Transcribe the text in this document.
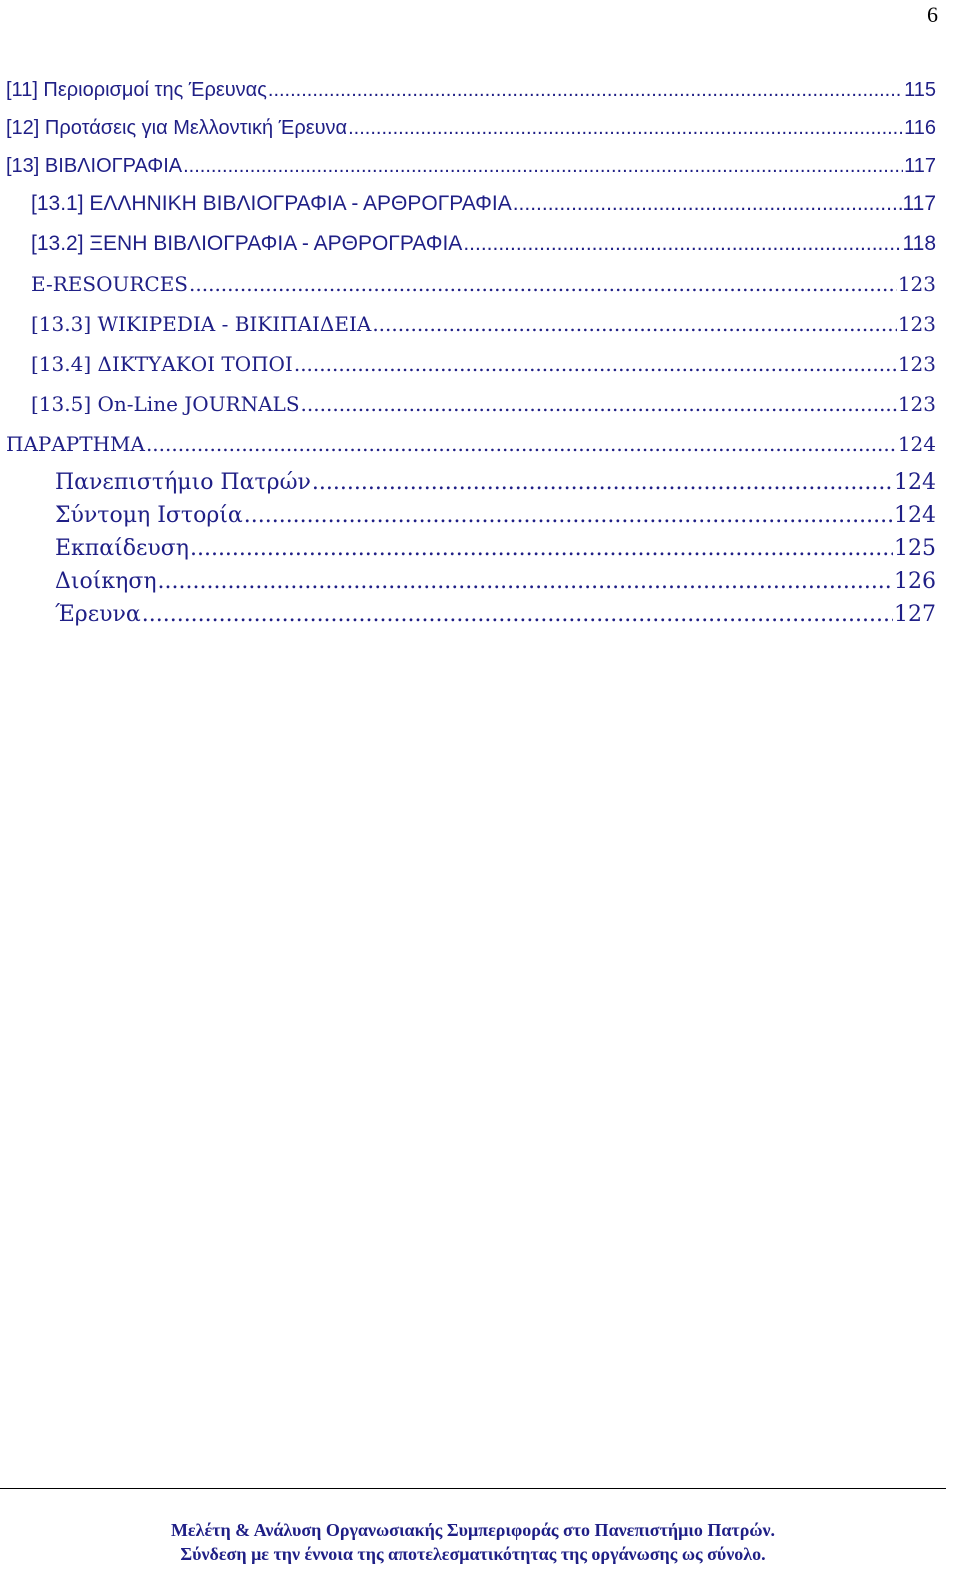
6
[11] Περιορισμοί της Έρευνας .....	115
[12] Προτάσεις για Μελλοντική Έρευνα .....	116
[13] ΒΙΒΛΙΟΓΡΑΦΙΑ .....	117
[13.1] ΕΛΛΗΝΙΚΗ ΒΙΒΛΙΟΓΡΑΦΙΑ - ΑΡΘΡΟΓΡΑΦΙΑ .....	117
[13.2] ΞΕΝΗ ΒΙΒΛΙΟΓΡΑΦΙΑ - ΑΡΘΡΟΓΡΑΦΙΑ .....	118
E-RESOURCES .....	123
[13.3] WIKIPEDIA - ΒΙΚΙΠΑΙΔΕΙΑ .....	123
[13.4] ΔΙΚΤΥΑΚΟΙ ΤΟΠΟΙ .....	123
[13.5] On-Line JOURNALS .....	123
ΠΑΡΑΡΤΗΜΑ .....	124
Πανεπιστήμιο Πατρών .....	124
Σύντομη Ιστορία .....	124
Εκπαίδευση .....	125
Διοίκηση .....	126
Έρευνα .....	127
Μελέτη & Ανάλυση Οργανωσιακής Συμπεριφοράς στο Πανεπιστήμιο Πατρών.
Σύνδεση με την έννοια της αποτελεσματικότητας της οργάνωσης ως σύνολο.
